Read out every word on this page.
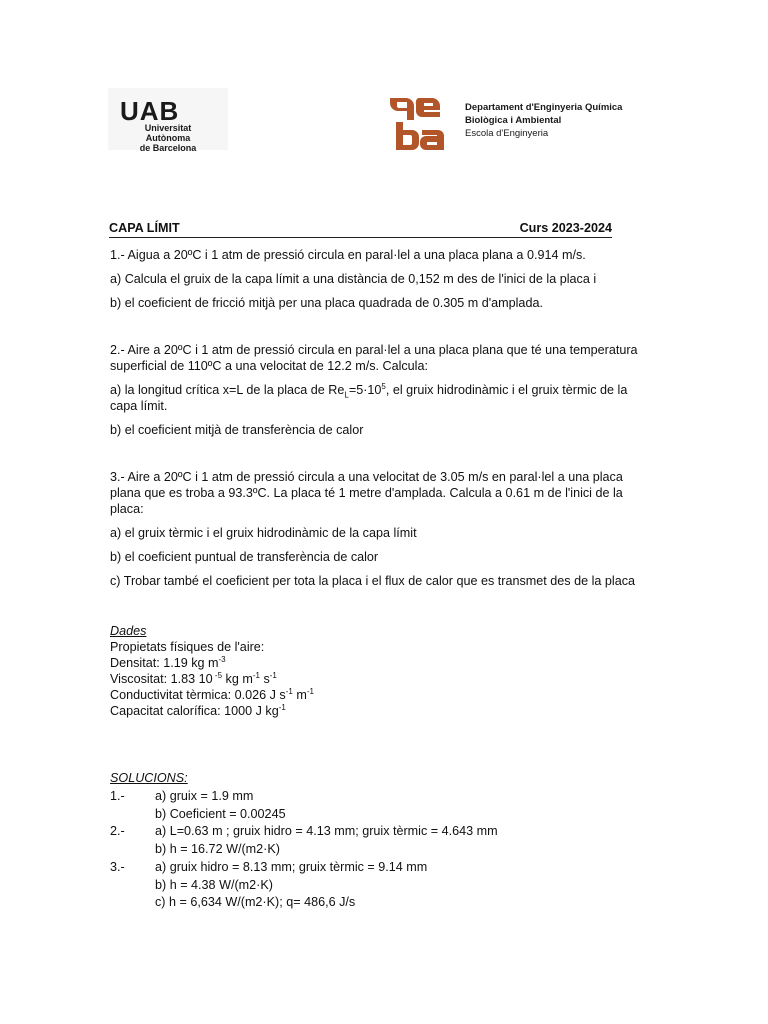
UAB
Universitat Autònoma
de Barcelona
Departament d'Enginyeria Química
Biològica i Ambiental
Escola d'Enginyeria
CAPA LÍMIT	Curs 2023-2024
1.- Aigua a 20ºC i 1 atm de pressió circula en paral·lel a una placa plana a 0.914 m/s.
a) Calcula el gruix de la capa límit a una distància de 0,152 m des de l'inici de la placa i
b) el coeficient de fricció mitjà per una placa quadrada de 0.305 m d'amplada.
2.- Aire a 20ºC i 1 atm de pressió circula en paral·lel a una placa plana que té una temperatura
superficial de 110ºC a una velocitat de 12.2 m/s. Calcula:
a) la longitud crítica x=L de la placa de $Re_L=5\cdot 10^5$, el gruix hidrodinàmic i el gruix tèrmic de la
capa límit.
b) el coeficient mitjà de transferència de calor
3.- Aire a 20ºC i 1 atm de pressió circula a una velocitat de 3.05 m/s en paral·lel a una placa
plana que es troba a 93.3ºC. La placa té 1 metre d'amplada. Calcula a 0.61 m de l'inici de la
placa:
a) el gruix tèrmic i el gruix hidrodinàmic de la capa límit
b) el coeficient puntual de transferència de calor
c) Trobar també el coeficient per tota la placa i el flux de calor que es transmet des de la placa
Dades
Propietats físiques de l'aire:
Densitat: 1.19 kg $m^{-3}$
Viscositat: 1.83 10 $^{-5}$ kg $m^{-1}$ $s^{-1}$
Conductivitat tèrmica: 0.026 J $s^{-1}$ $m^{-1}$
Capacitat calorífica: 1000 J $kg^{-1}$
SOLUCIONS:
1.- a) gruix = 1.9 mm
b) Coeficient = 0.00245
2.- a) L=0.63 m ; gruix hidro = 4.13 mm; gruix tèrmic = 4.643 mm
b) h = 16.72 W/(m2·K)
3.- a) gruix hidro = 8.13 mm; gruix tèrmic = 9.14 mm
b) h = 4.38 W/(m2·K)
c) h = 6,634 W/(m2·K); q= 486,6 J/s
